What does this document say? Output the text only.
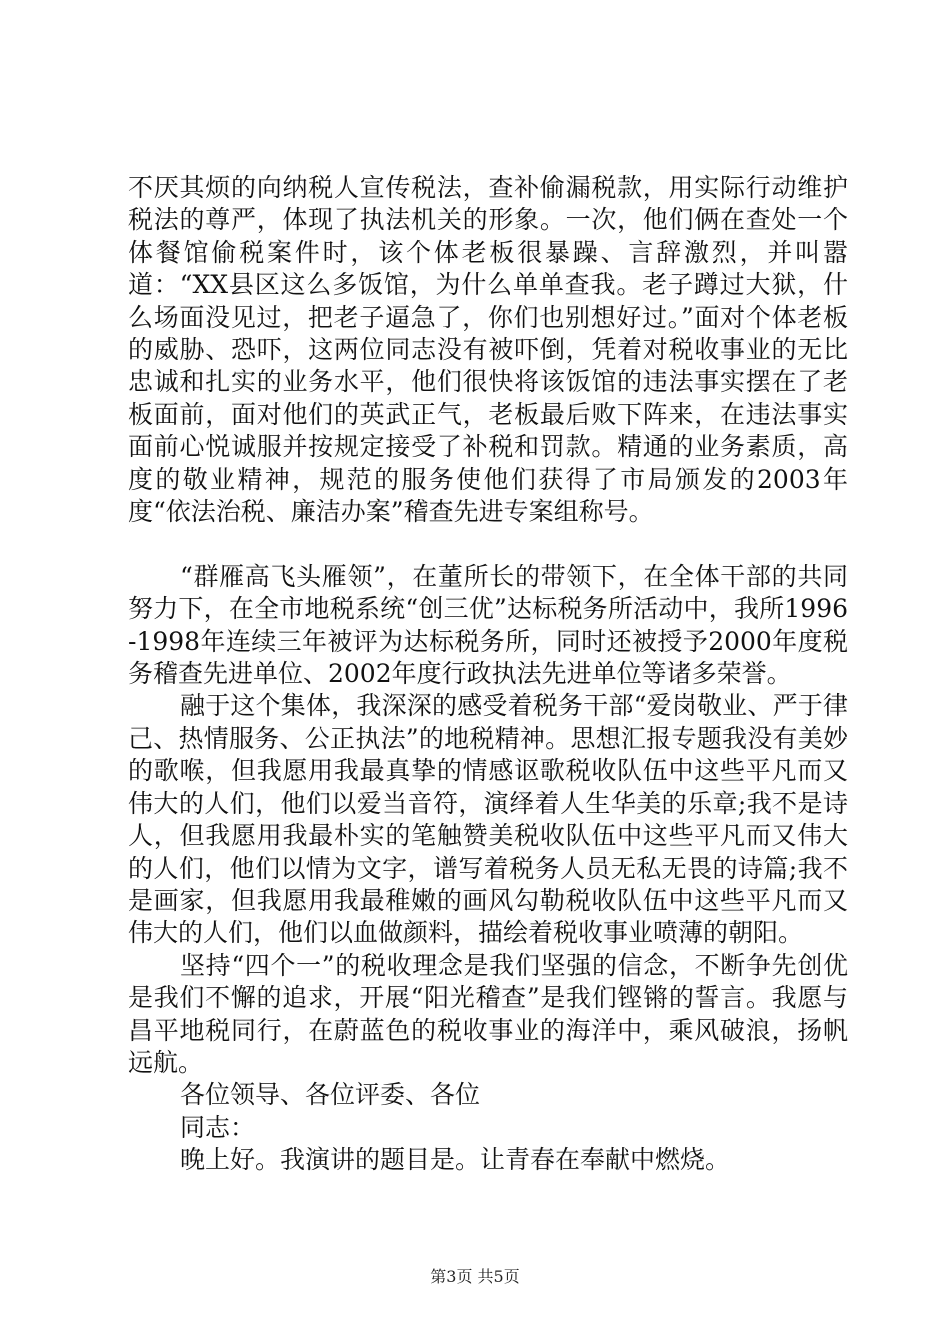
不厌其烦的向纳税人宣传税法，查补偷漏税款，用实际行动维护税法的尊严，体现了执法机关的形象。一次，他们俩在查处一个体餐馆偷税案件时，该个体老板很暴躁、言辞激烈，并叫嚣道：“XX县区这么多饭馆，为什么单单查我。老子蹲过大狱，什么场面没见过，把老子逼急了，你们也别想好过。”面对个体老板的威胁、恐吓，这两位同志没有被吓倒，凭着对税收事业的无比忠诚和扎实的业务水平，他们很快将该饭馆的违法事实摆在了老板面前，面对他们的英武正气，老板最后败下阵来，在违法事实面前心悦诚服并按规定接受了补税和罚款。精通的业务素质，高度的敬业精神，规范的服务使他们获得了市局颁发的2003年度“依法治税、廉洁办案”稽查先进专案组称号。

“群雁高飞头雁领”，在董所长的带领下，在全体干部的共同努力下，在全市地税系统“创三优”达标税务所活动中，我所1996-1998年连续三年被评为达标税务所，同时还被授予2000年度税务稽查先进单位、2002年度行政执法先进单位等诸多荣誉。

融于这个集体，我深深的感受着税务干部“爱岗敬业、严于律己、热情服务、公正执法”的地税精神。思想汇报专题我没有美妙的歌喉，但我愿用我最真挚的情感讴歌税收队伍中这些平凡而又伟大的人们，他们以爱当音符，演绎着人生华美的乐章;我不是诗人，但我愿用我最朴实的笔触赞美税收队伍中这些平凡而又伟大的人们，他们以情为文字，谱写着税务人员无私无畏的诗篇;我不是画家，但我愿用我最稚嫩的画风勾勒税收队伍中这些平凡而又伟大的人们，他们以血做颜料，描绘着税收事业喷薄的朝阳。

坚持“四个一”的税收理念是我们坚强的信念，不断争先创优是我们不懈的追求，开展“阳光稽查”是我们铿锵的誓言。我愿与昌平地税同行，在蔚蓝色的税收事业的海洋中，乘风破浪，扬帆远航。

各位领导、各位评委、各位

同志：

晚上好。我演讲的题目是。让青春在奉献中燃烧。

第3页 共5页
